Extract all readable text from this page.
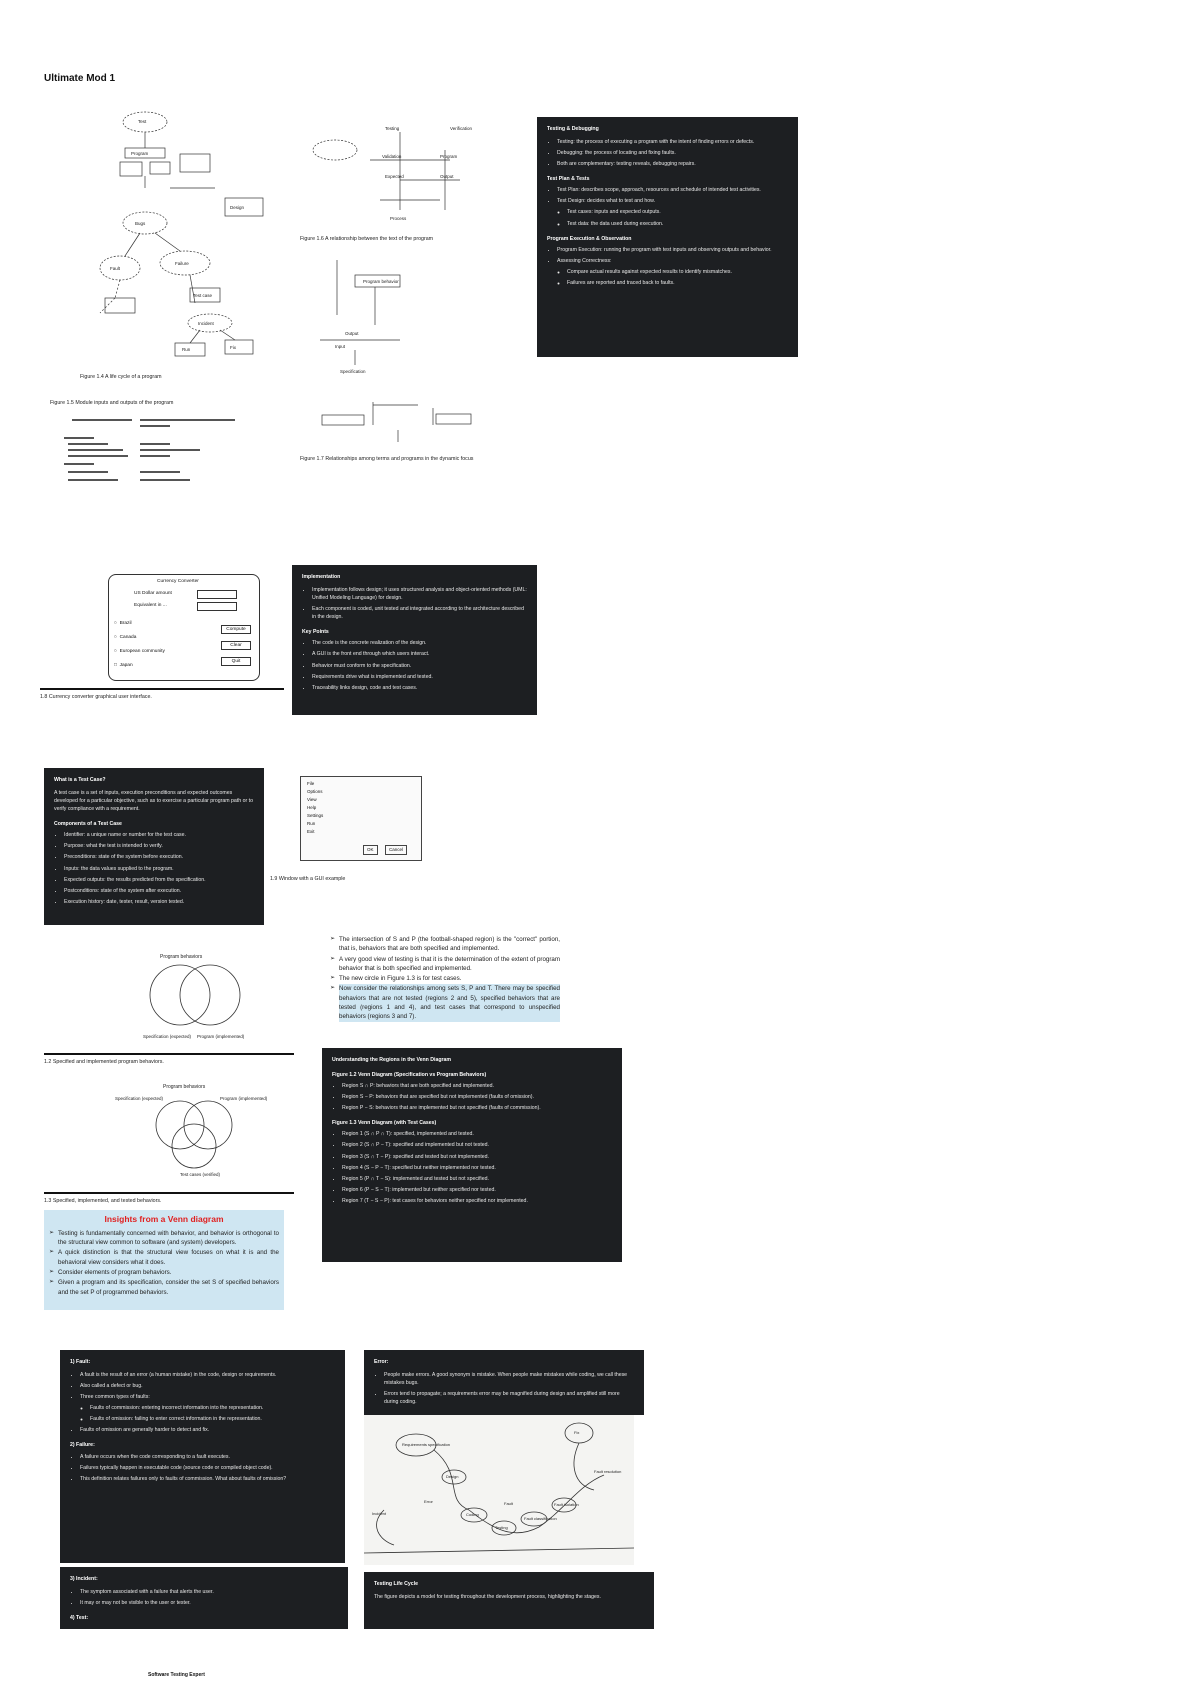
Ultimate Mod 1
Software Testing Expert
Test
Program
Bugs
Fault
Failure
Test case
Incident
Run
Design
Fix
Figure 1.4 A life cycle of a program
Figure 1.5 Module inputs and outputs of the program
Testing	Verification
Validation	Program
Expected	Output
Process
Figure 1.6 A relationship between the text of the program
Program behavior
Output
Input
Specification
Figure 1.7 Relationships among terms and programs in the dynamic focus
Testing & Debugging
• Testing: the process of executing a program with the intent of finding errors or defects.
• Debugging: the process of locating and fixing faults.
• Both are complementary: testing reveals, debugging repairs.
Test Plan & Tests
• Test Plan: describes scope, approach, resources and schedule of intended test activities.
• Test Design: decides what to test and how.
◦ Test cases: inputs and expected outputs.
◦ Test data: the data used during execution.
Program Execution & Observation
• Program Execution: running the program with test inputs and observing outputs and behavior.
• Assessing Correctness:
◦ Compare actual results against expected results to identify mismatches.
◦ Failures are reported and traced back to faults.
Currency Converter
US Dollar amount
Equivalent in ...
○  Brazil
○  Canada
○  European community
□  Japan
Compute
Clear
Quit
1.8 Currency converter graphical user interface.
Implementation
• Implementation follows design; it uses structured analysis and object-oriented methods (UML: Unified Modeling Language) for design.
• Each component is coded, unit tested and integrated according to the architecture described in the design.
Key Points
• The code is the concrete realization of the design.
• A GUI is the front end through which users interact.
• Behavior must conform to the specification.
• Requirements drive what is implemented and tested.
• Traceability links design, code and test cases.
What is a Test Case?
A test case is a set of inputs, execution preconditions and expected outcomes developed for a particular objective, such as to exercise a particular program path or to verify compliance with a requirement.
Components of a Test Case
• Identifier: a unique name or number for the test case.
• Purpose: what the test is intended to verify.
• Preconditions: state of the system before execution.
• Inputs: the data values supplied to the program.
• Expected outputs: the results predicted from the specification.
• Postconditions: state of the system after execution.
• Execution history: date, tester, result, version tested.
File
Options
View
Help
Settings
Run
Exit
OK	Cancel
1.9 Window with a GUI example
Program behaviors
Specification (expected) Program (implemented)
1.2 Specified and implemented program behaviors.
Program behaviors
Specification (expected)	Program (implemented)
Test cases (verified)
1.3 Specified, implemented, and tested behaviors.
Insights from a Venn diagram
➢ Testing is fundamentally concerned with behavior, and behavior is orthogonal to the structural view common to software (and system) developers.
➢ A quick distinction is that the structural view focuses on what it is and the behavioral view considers what it does.
➢ Consider elements of program behaviors.
➢ Given a program and its specification, consider the set S of specified behaviors and the set P of programmed behaviors.
➢ The intersection of S and P (the football-shaped region) is the "correct" portion, that is, behaviors that are both specified and implemented.
➢ A very good view of testing is that it is the determination of the extent of program behavior that is both specified and implemented.
➢ The new circle in Figure 1.3 is for test cases.
➢ Now consider the relationships among sets S, P and T. There may be specified behaviors that are not tested (regions 2 and 5), specified behaviors that are tested (regions 1 and 4), and test cases that correspond to unspecified behaviors (regions 3 and 7).
Understanding the Regions in the Venn Diagram
Figure 1.2 Venn Diagram (Specification vs Program Behaviors)
• Region S ∩ P: behaviors that are both specified and implemented.
• Region S − P: behaviors that are specified but not implemented (faults of omission).
• Region P − S: behaviors that are implemented but not specified (faults of commission).
Figure 1.3 Venn Diagram (with Test Cases)
• Region 1 (S ∩ P ∩ T): specified, implemented and tested.
• Region 2 (S ∩ P − T): specified and implemented but not tested.
• Region 3 (S ∩ T − P): specified and tested but not implemented.
• Region 4 (S − P − T): specified but neither implemented nor tested.
• Region 5 (P ∩ T − S): implemented and tested but not specified.
• Region 6 (P − S − T): implemented but neither specified nor tested.
• Region 7 (T − S − P): test cases for behaviors neither specified nor implemented.
1) Fault:
• A fault is the result of an error (a human mistake) in the code, design or requirements.
• Also called a defect or bug.
• Three common types of faults:
◦ Faults of commission: entering incorrect information into the representation.
◦ Faults of omission: failing to enter correct information in the representation.
• Faults of omission are generally harder to detect and fix.
2) Failure:
• A failure occurs when the code corresponding to a fault executes.
• Failures typically happen in executable code (source code or compiled object code).
• This definition relates failures only to faults of commission. What about faults of omission?
3) Incident:
• The symptom associated with a failure that alerts the user.
• It may or may not be visible to the user or tester.
4) Test:
Error:
• People make errors. A good synonym is mistake. When people make mistakes while coding, we call these mistakes bugs.
• Errors tend to propagate; a requirements error may be magnified during design and amplified still more during coding.
Requirements specification
Design
Coding
Testing
Fault classification
Fault isolation
Fault resolution
Fix
Incident
Fault
Error
Testing Life Cycle
The figure depicts a model for testing throughout the development process, highlighting the stages.
